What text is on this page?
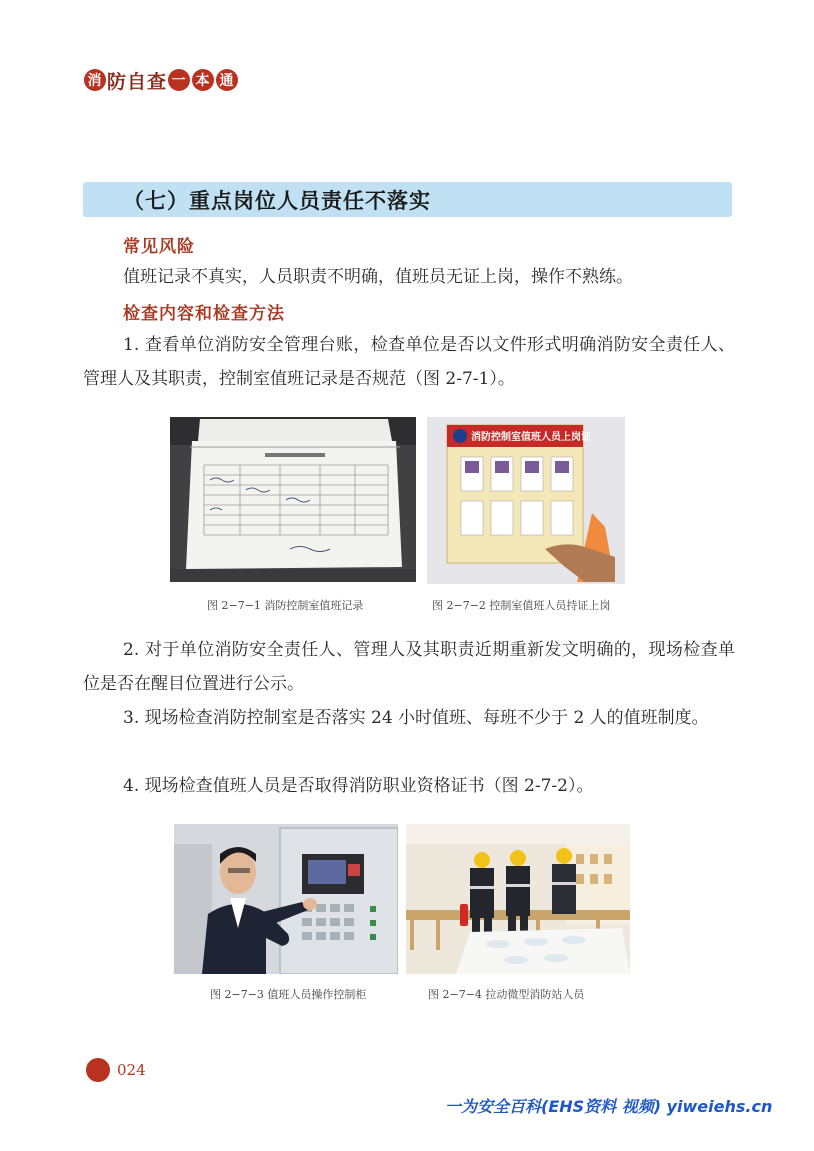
消 防 自 查 一 本 通
（七）重点岗位人员责任不落实
常见风险
值班记录不真实，人员职责不明确，值班员无证上岗，操作不熟练。
检查内容和检查方法
1. 查看单位消防安全管理台账，检查单位是否以文件形式明确消防安全责任人、管理人及其职责，控制室值班记录是否规范（图 2-7-1）。
图 2−7−1 消防控制室值班记录
消防控制室值班人员上岗证
图 2−7−2 控制室值班人员持证上岗
2. 对于单位消防安全责任人、管理人及其职责近期重新发文明确的，现场检查单位是否在醒目位置进行公示。
3. 现场检查消防控制室是否落实 24 小时值班、每班不少于 2 人的值班制度。
4. 现场检查值班人员是否取得消防职业资格证书（图 2-7-2）。
图 2−7−3 值班人员操作控制柜	图 2−7−4 拉动微型消防站人员
024
一为安全百科(EHS资料 视频) yiweiehs.cn
